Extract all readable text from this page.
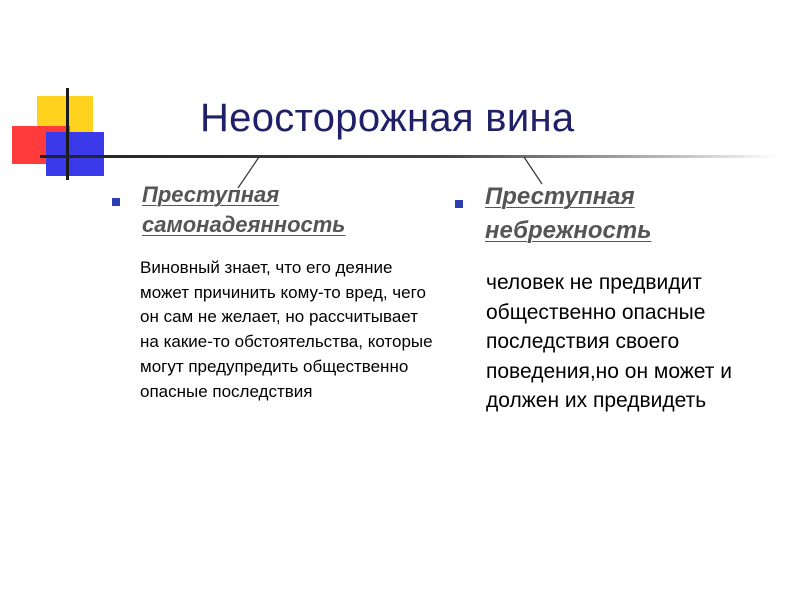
Неосторожная вина
Преступная
самонадеянность
Виновный знает, что его деяние может причинить кому-то вред, чего он сам не желает, но рассчитывает на какие-то обстоятельства, которые могут предупредить общественно опасные последствия
Преступная
небрежность
человек не предвидит общественно опасные последствия своего поведения,но он может и должен их предвидеть
